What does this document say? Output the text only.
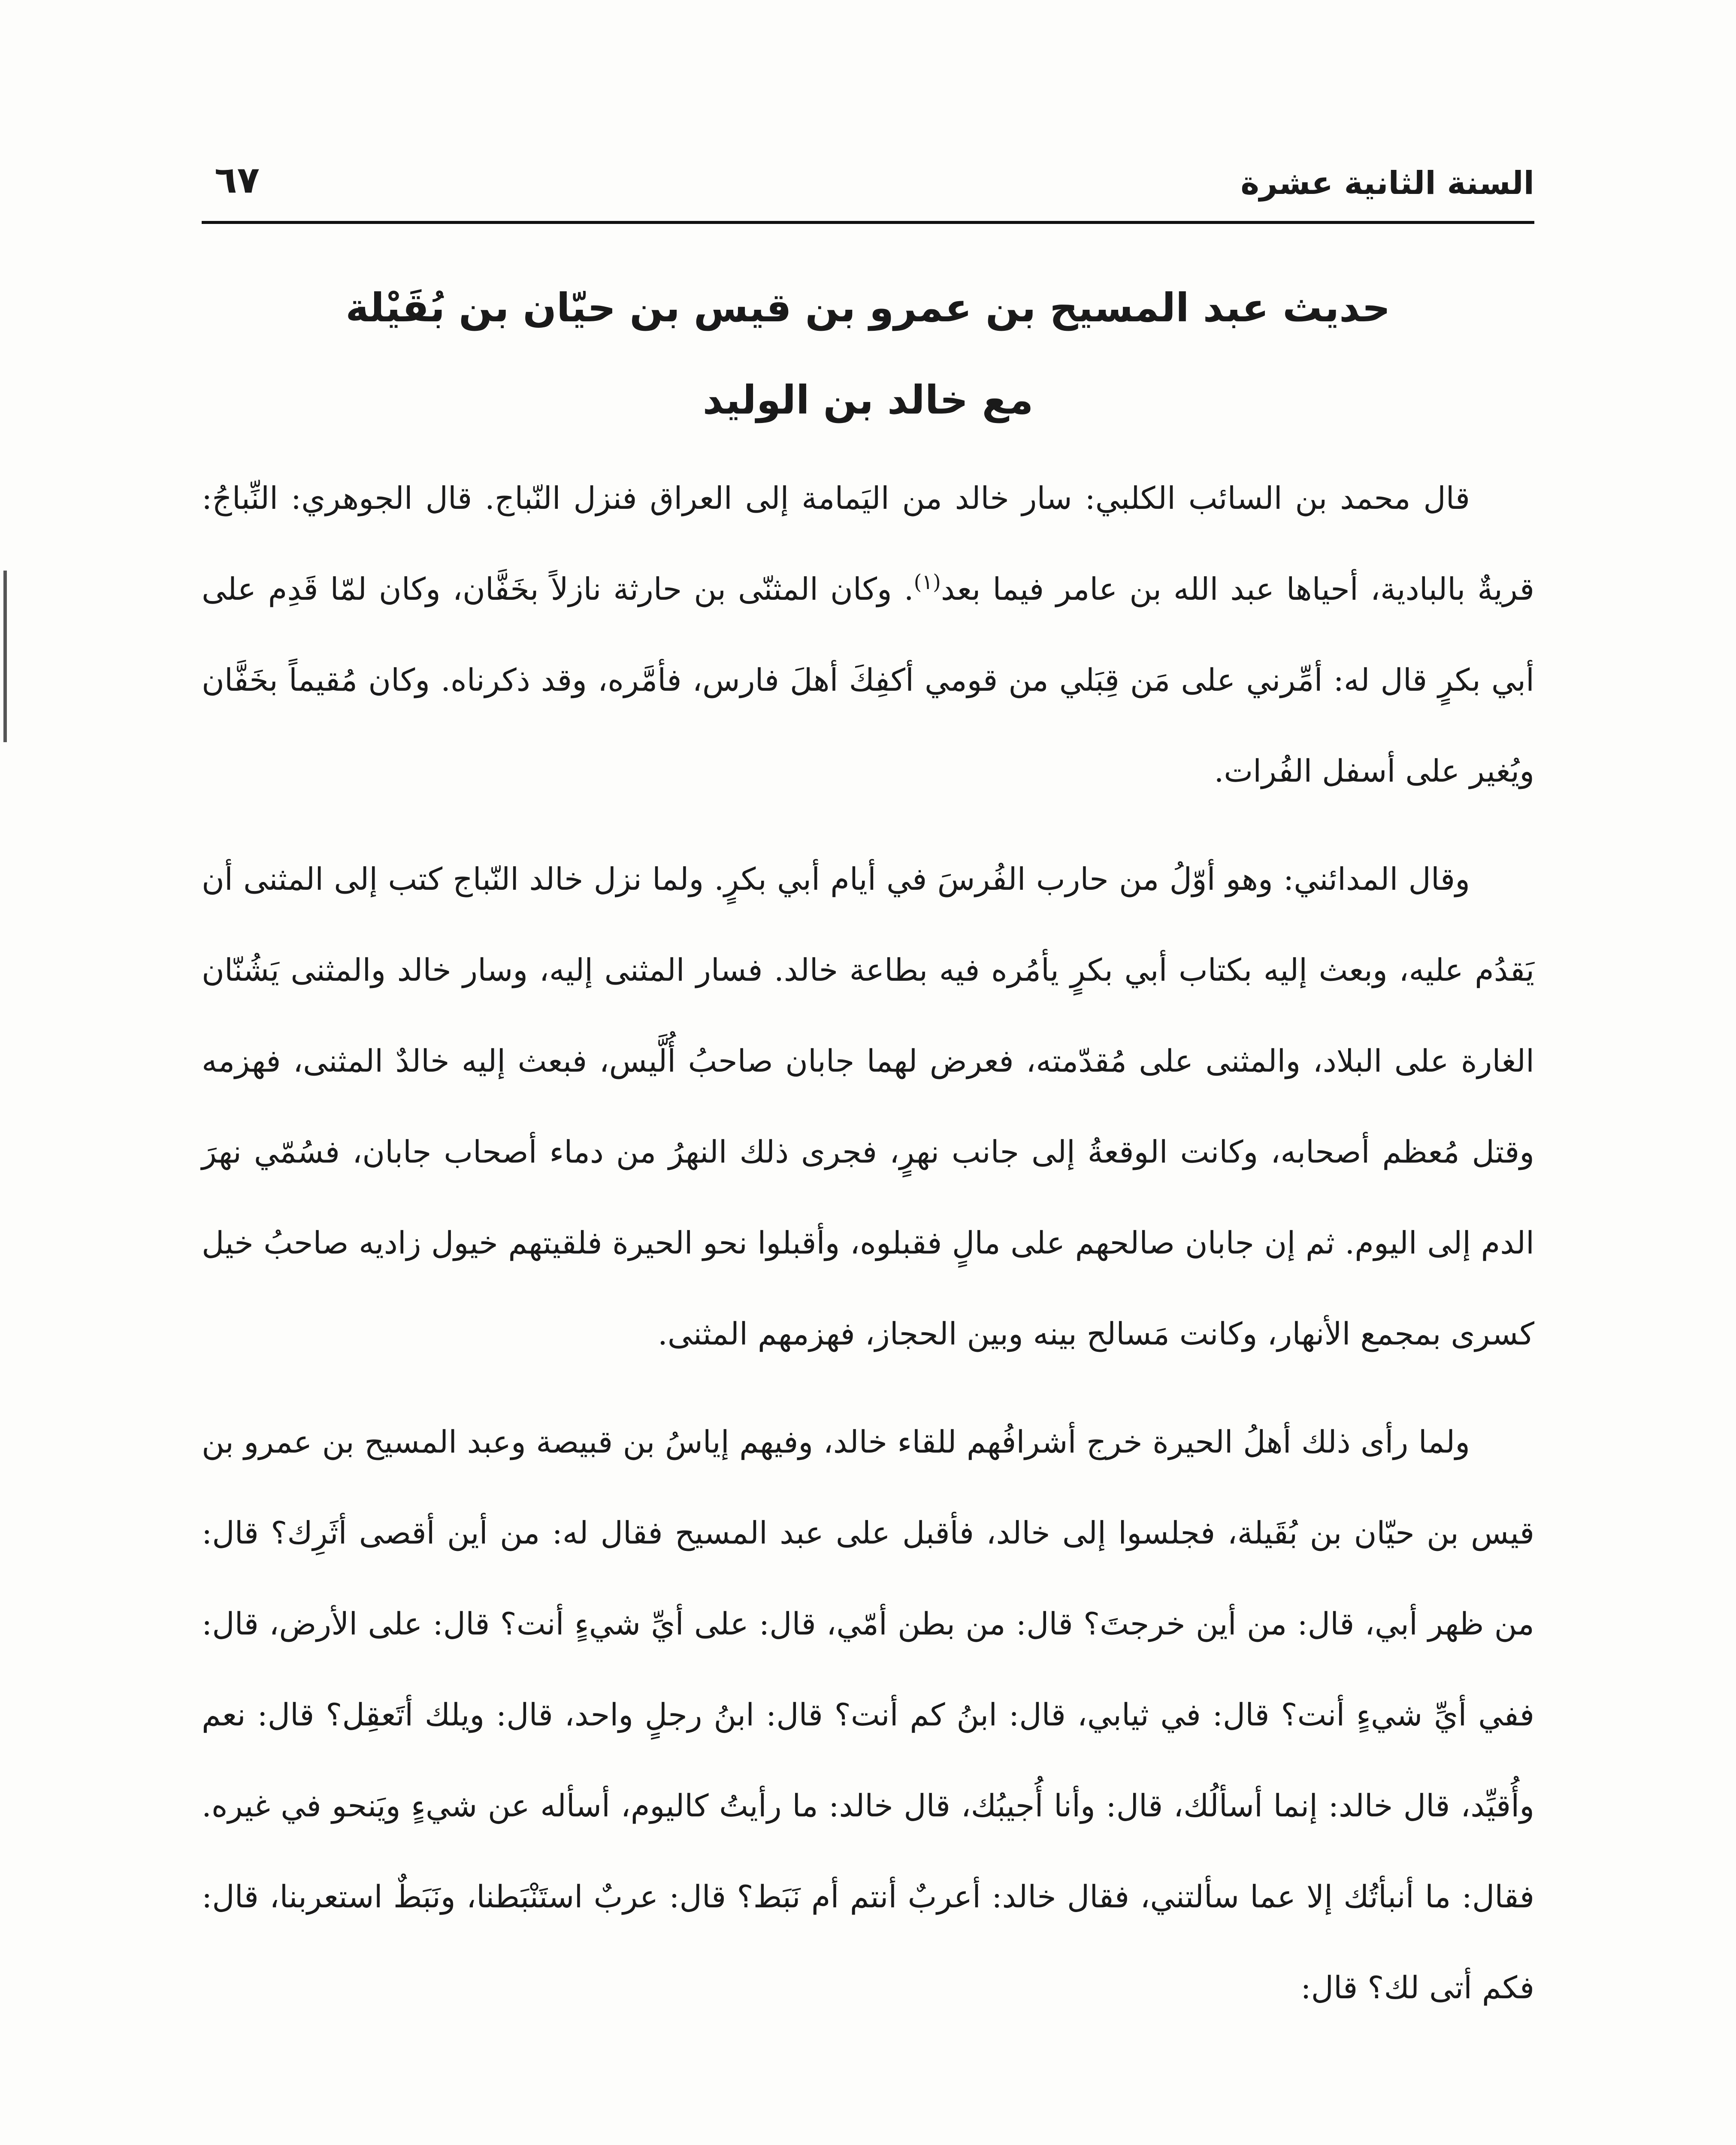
السنة الثانية عشرة
٦٧
حديث عبد المسيح بن عمرو بن قيس بن حيّان بن بُقَيْلة
مع خالد بن الوليد

قال محمد بن السائب الكلبي: سار خالد من اليَمامة إلى العراق فنزل النّباج. قال الجوهري: النِّباجُ: قريةٌ بالبادية، أحياها عبد الله بن عامر فيما بعد$^{(١)}$. وكان المثنّى بن حارثة نازلاً بخَفَّان، وكان لمّا قَدِم على أبي بكرٍ قال له: أمِّرني على مَن قِبَلي من قومي أكفِكَ أهلَ فارس، فأمَّره، وقد ذكرناه. وكان مُقيماً بخَفَّان ويُغير على أسفل الفُرات.

وقال المدائني: وهو أوّلُ من حارب الفُرسَ في أيام أبي بكرٍ. ولما نزل خالد النّباج كتب إلى المثنى أن يَقدُم عليه، وبعث إليه بكتاب أبي بكرٍ يأمُره فيه بطاعة خالد. فسار المثنى إليه، وسار خالد والمثنى يَشُنّان الغارة على البلاد، والمثنى على مُقدّمته، فعرض لهما جابان صاحبُ أُلَّيس، فبعث إليه خالدٌ المثنى، فهزمه وقتل مُعظم أصحابه، وكانت الوقعةُ إلى جانب نهرٍ، فجرى ذلك النهرُ من دماء أصحاب جابان، فسُمّي نهرَ الدم إلى اليوم. ثم إن جابان صالحهم على مالٍ فقبلوه، وأقبلوا نحو الحيرة فلقيتهم خيول زاديه صاحبُ خيل كسرى بمجمع الأنهار، وكانت مَسالح بينه وبين الحجاز، فهزمهم المثنى.

ولما رأى ذلك أهلُ الحيرة خرج أشرافُهم للقاء خالد، وفيهم إياسُ بن قبيصة وعبد المسيح بن عمرو بن قيس بن حيّان بن بُقَيلة، فجلسوا إلى خالد، فأقبل على عبد المسيح فقال له: من أين أقصى أثَرِك؟ قال: من ظهر أبي، قال: من أين خرجتَ؟ قال: من بطن أمّي، قال: على أيِّ شيءٍ أنت؟ قال: على الأرض، قال: ففي أيِّ شيءٍ أنت؟ قال: في ثيابي، قال: ابنُ كم أنت؟ قال: ابنُ رجلٍ واحد، قال: ويلك أتَعقِل؟ قال: نعم وأُقيِّد، قال خالد: إنما أسألُك، قال: وأنا أُجيبُك، قال خالد: ما رأيتُ كاليوم، أسأله عن شيءٍ ويَنحو في غيره. فقال: ما أنبأتُك إلا عما سألتني، فقال خالد: أعربٌ أنتم أم نَبَط؟ قال: عربٌ استَنْبَطنا، ونَبَطٌ استعربنا، قال: فكم أتى لك؟ قال:
